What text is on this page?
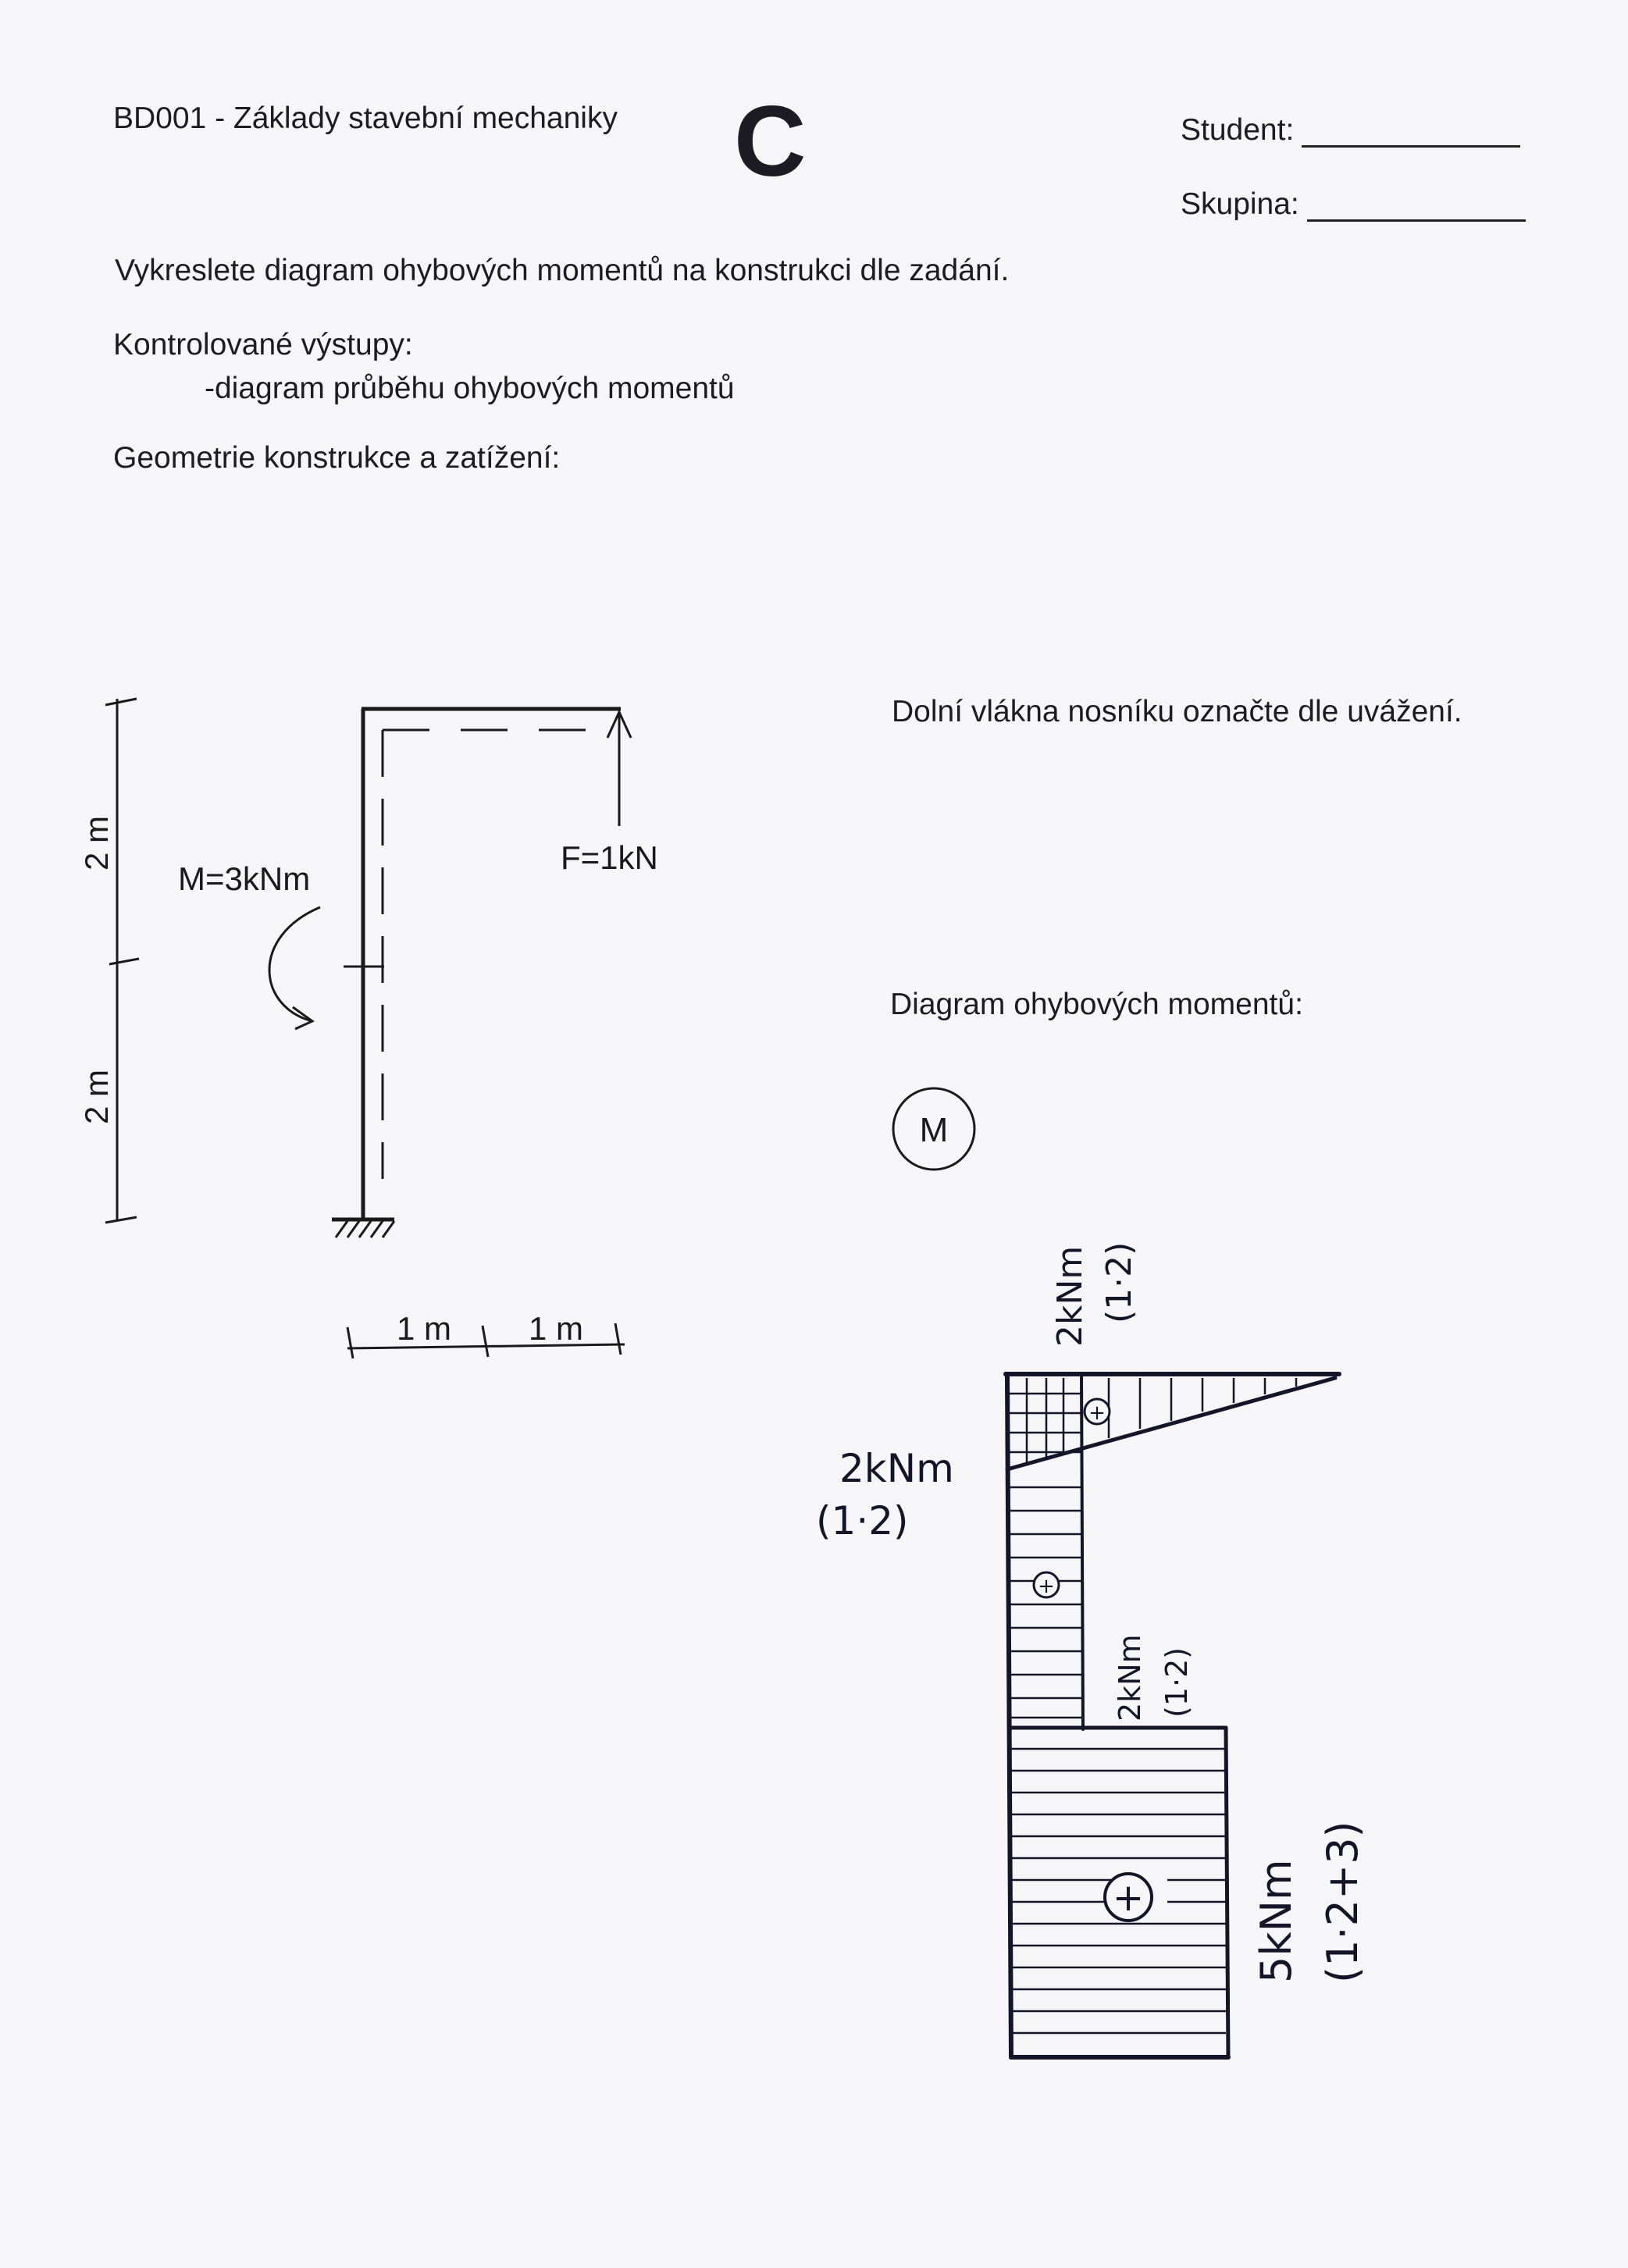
BD001 - Základy stavební mechaniky C	Student:
Skupina:
Vykreslete diagram ohybových momentů na konstrukci dle zadání.
Kontrolované výstupy:
-diagram průběhu ohybových momentů
Geometrie konstrukce a zatížení:
Dolní vlákna nosníku označte dle uvážení.
Diagram ohybových momentů:
M=3kNm
F=1kN
2 m
2 m
1 m 1 m
M
+
+
+
2kNm (1·2)
2kNm
(1·2)
2kNm (1·2)
5kNm (1·2+3)
